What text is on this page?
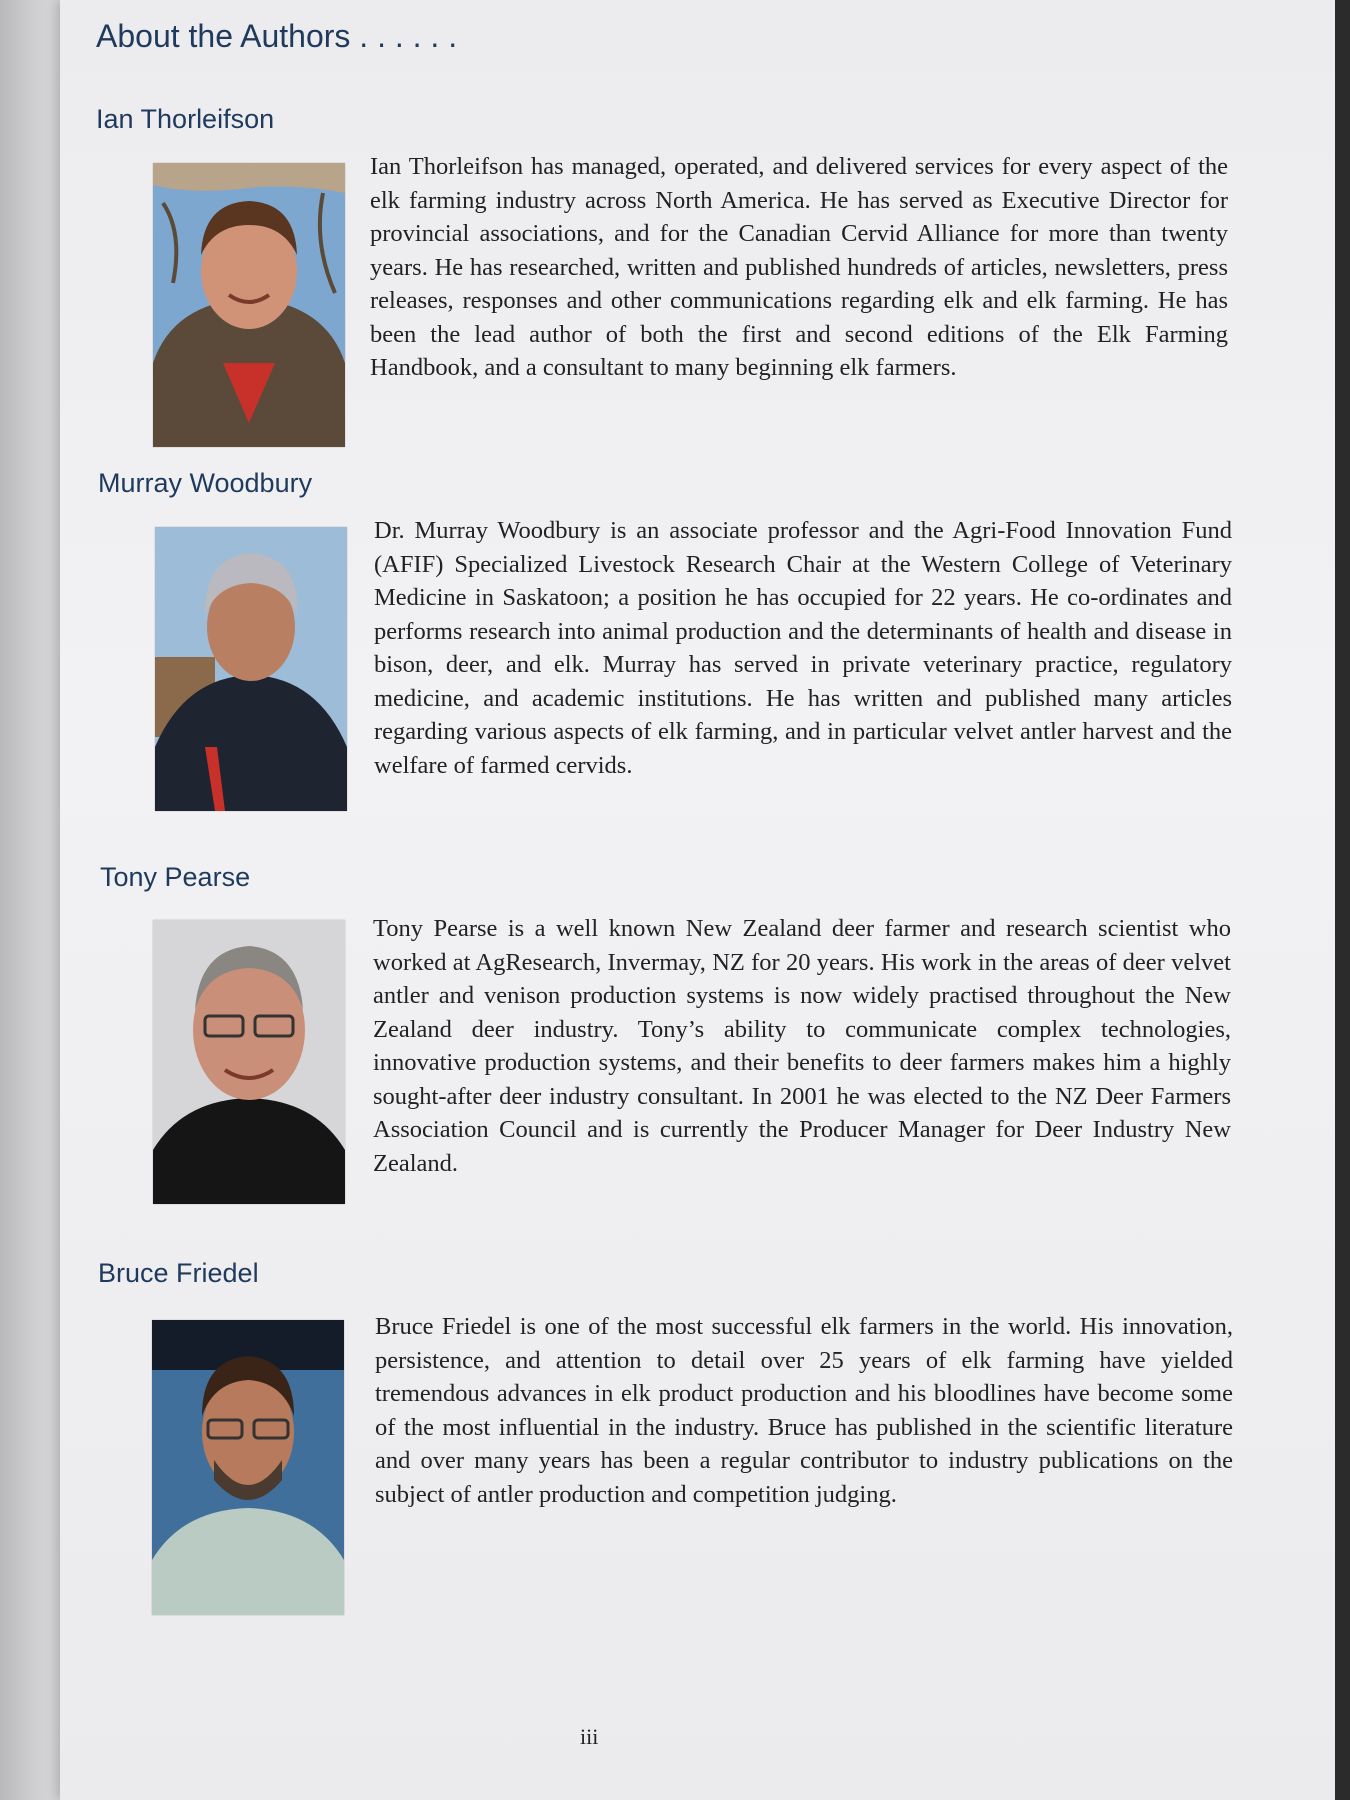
About the Authors . . . . . .
Ian Thorleifson

Ian Thorleifson has managed, operated, and delivered services for every aspect of the elk farming industry across North America. He has served as Executive Director for provincial associations, and for the Canadian Cervid Alliance for more than twenty years. He has researched, written and published hundreds of articles, newsletters, press releases, responses and other communications regarding elk and elk farming. He has been the lead author of both the first and second editions of the Elk Farming Handbook, and a consultant to many beginning elk farmers.

Murray Woodbury

Dr. Murray Woodbury is an associate professor and the Agri-Food Innovation Fund (AFIF) Specialized Livestock Research Chair at the Western College of Veterinary Medicine in Saskatoon; a position he has occupied for 22 years. He co-ordinates and performs research into animal production and the determinants of health and disease in bison, deer, and elk. Murray has served in private veterinary practice, regulatory medicine, and academic institutions. He has written and published many articles regarding various aspects of elk farming, and in particular velvet antler harvest and the welfare of farmed cervids.

Tony Pearse

Tony Pearse is a well known New Zealand deer farmer and research scientist who worked at AgResearch, Invermay, NZ for 20 years. His work in the areas of deer velvet antler and venison production systems is now widely practised throughout the New Zealand deer industry. Tony’s ability to communicate complex technologies, innovative production systems, and their benefits to deer farmers makes him a highly sought-after deer industry consultant. In 2001 he was elected to the NZ Deer Farmers Association Council and is currently the Producer Manager for Deer Industry New Zealand.

Bruce Friedel

Bruce Friedel is one of the most successful elk farmers in the world. His innovation, persistence, and attention to detail over 25 years of elk farming have yielded tremendous advances in elk product production and his bloodlines have become some of the most influential in the industry. Bruce has published in the scientific literature and over many years has been a regular contributor to industry publications on the subject of antler production and competition judging.

iii
